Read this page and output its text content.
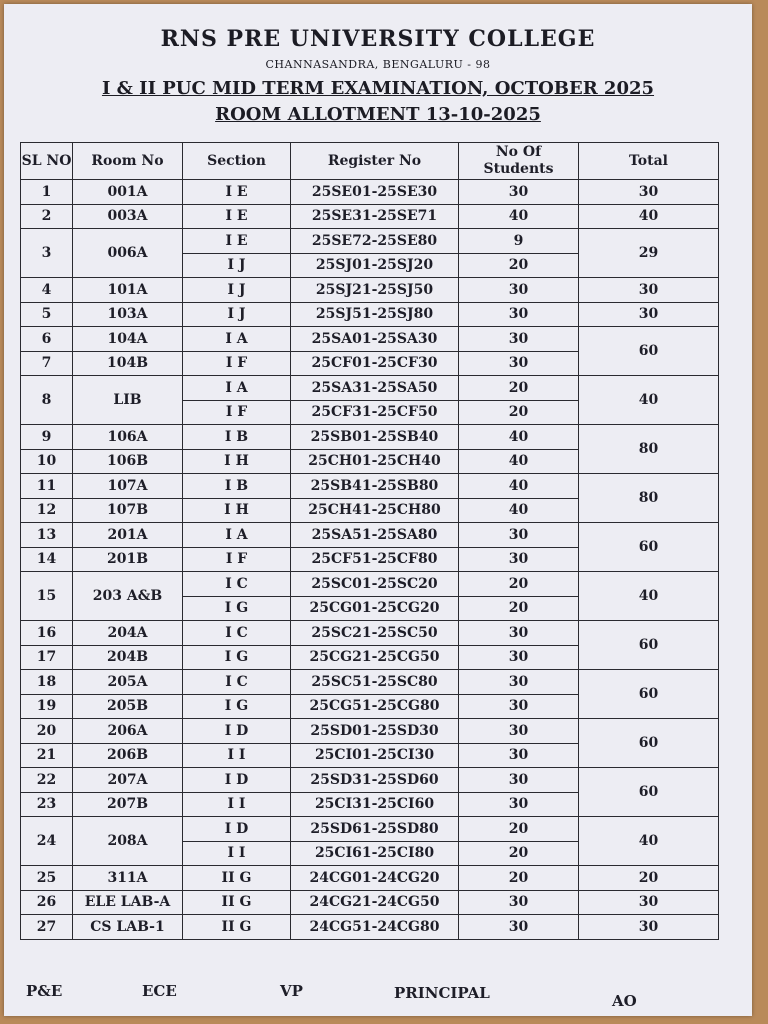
RNS PRE UNIVERSITY COLLEGE
CHANNASANDRA, BENGALURU - 98
I & II PUC MID TERM EXAMINATION, OCTOBER 2025
ROOM ALLOTMENT 13-10-2025
SL NO	Room No	Section	Register No	No Of Students	Total
1	001A	I E	25SE01-25SE30	30	30
2	003A	I E	25SE31-25SE71	40	40
3	006A	I E	25SE72-25SE80	9	29
		I J	25SJ01-25SJ20	20	
4	101A	I J	25SJ21-25SJ50	30	30
5	103A	I J	25SJ51-25SJ80	30	30
6	104A	I A	25SA01-25SA30	30	60
7	104B	I F	25CF01-25CF30	30	
8	LIB	I A	25SA31-25SA50	20	40
		I F	25CF31-25CF50	20	
9	106A	I B	25SB01-25SB40	40	80
10	106B	I H	25CH01-25CH40	40	
11	107A	I B	25SB41-25SB80	40	80
12	107B	I H	25CH41-25CH80	40	
13	201A	I A	25SA51-25SA80	30	60
14	201B	I F	25CF51-25CF80	30	
15	203 A&B	I C	25SC01-25SC20	20	40
		I G	25CG01-25CG20	20	
16	204A	I C	25SC21-25SC50	30	60
17	204B	I G	25CG21-25CG50	30	
18	205A	I C	25SC51-25SC80	30	60
19	205B	I G	25CG51-25CG80	30	
20	206A	I D	25SD01-25SD30	30	60
21	206B	I I	25CI01-25CI30	30	
22	207A	I D	25SD31-25SD60	30	60
23	207B	I I	25CI31-25CI60	30	
24	208A	I D	25SD61-25SD80	20	40
		I I	25CI61-25CI80	20	
25	311A	II G	24CG01-24CG20	20	20
26	ELE LAB-A	II G	24CG21-24CG50	30	30
27	CS LAB-1	II G	24CG51-24CG80	30	30
P&E	ECE	VP	PRINCIPAL	AO
